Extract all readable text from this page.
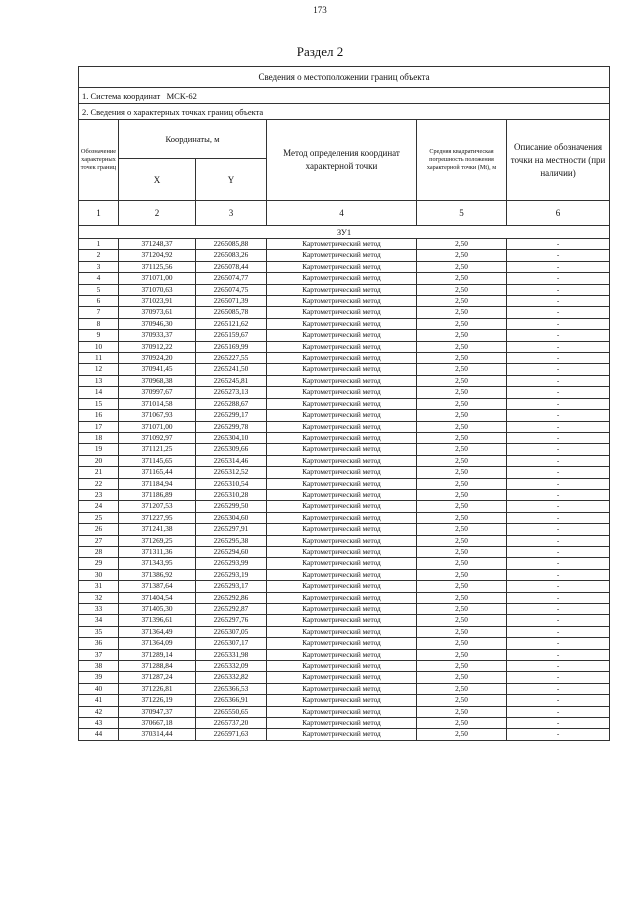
173
Раздел 2
Сведения о местоположении границ объекта					
1. Система координат МСК-62					
2. Сведения о характерных точках границ объекта					
Обозначение характерных точек границ	Координаты, м		Метод определения координат характерной точки	Средняя квадратическая погрешность положения характерной точки (Mt), м	Описание обозначения точки на местности (при наличии)
	X	Y			
1	2	3	4	5	6
ЗУ1					
1	371248,37	2265085,88	Картометрический метод	2,50	-
2	371204,92	2265083,26	Картометрический метод	2,50	-
3	371125,56	2265078,44	Картометрический метод	2,50	-
4	371071,00	2265074,77	Картометрический метод	2,50	-
5	371070,63	2265074,75	Картометрический метод	2,50	-
6	371023,91	2265071,39	Картометрический метод	2,50	-
7	370973,61	2265085,78	Картометрический метод	2,50	-
8	370946,30	2265121,62	Картометрический метод	2,50	-
9	370933,37	2265159,67	Картометрический метод	2,50	-
10	370912,22	2265169,99	Картометрический метод	2,50	-
11	370924,20	2265227,55	Картометрический метод	2,50	-
12	370941,45	2265241,50	Картометрический метод	2,50	-
13	370968,38	2265245,81	Картометрический метод	2,50	-
14	370997,67	2265273,13	Картометрический метод	2,50	-
15	371014,58	2265288,67	Картометрический метод	2,50	-
16	371067,93	2265299,17	Картометрический метод	2,50	-
17	371071,00	2265299,78	Картометрический метод	2,50	-
18	371092,97	2265304,10	Картометрический метод	2,50	-
19	371121,25	2265309,66	Картометрический метод	2,50	-
20	371145,65	2265314,46	Картометрический метод	2,50	-
21	371165,44	2265312,52	Картометрический метод	2,50	-
22	371184,94	2265310,54	Картометрический метод	2,50	-
23	371186,89	2265310,28	Картометрический метод	2,50	-
24	371207,53	2265299,50	Картометрический метод	2,50	-
25	371227,95	2265304,60	Картометрический метод	2,50	-
26	371241,38	2265297,91	Картометрический метод	2,50	-
27	371269,25	2265295,38	Картометрический метод	2,50	-
28	371311,36	2265294,60	Картометрический метод	2,50	-
29	371343,95	2265293,99	Картометрический метод	2,50	-
30	371386,92	2265293,19	Картометрический метод	2,50	-
31	371387,64	2265293,17	Картометрический метод	2,50	-
32	371404,54	2265292,86	Картометрический метод	2,50	-
33	371405,30	2265292,87	Картометрический метод	2,50	-
34	371396,61	2265297,76	Картометрический метод	2,50	-
35	371364,49	2265307,05	Картометрический метод	2,50	-
36	371364,09	2265307,17	Картометрический метод	2,50	-
37	371289,14	2265331,98	Картометрический метод	2,50	-
38	371288,84	2265332,09	Картометрический метод	2,50	-
39	371287,24	2265332,82	Картометрический метод	2,50	-
40	371226,81	2265366,53	Картометрический метод	2,50	-
41	371226,19	2265366,91	Картометрический метод	2,50	-
42	370947,37	2265550,65	Картометрический метод	2,50	-
43	370667,18	2265737,20	Картометрический метод	2,50	-
44	370314,44	2265971,63	Картометрический метод	2,50	-
